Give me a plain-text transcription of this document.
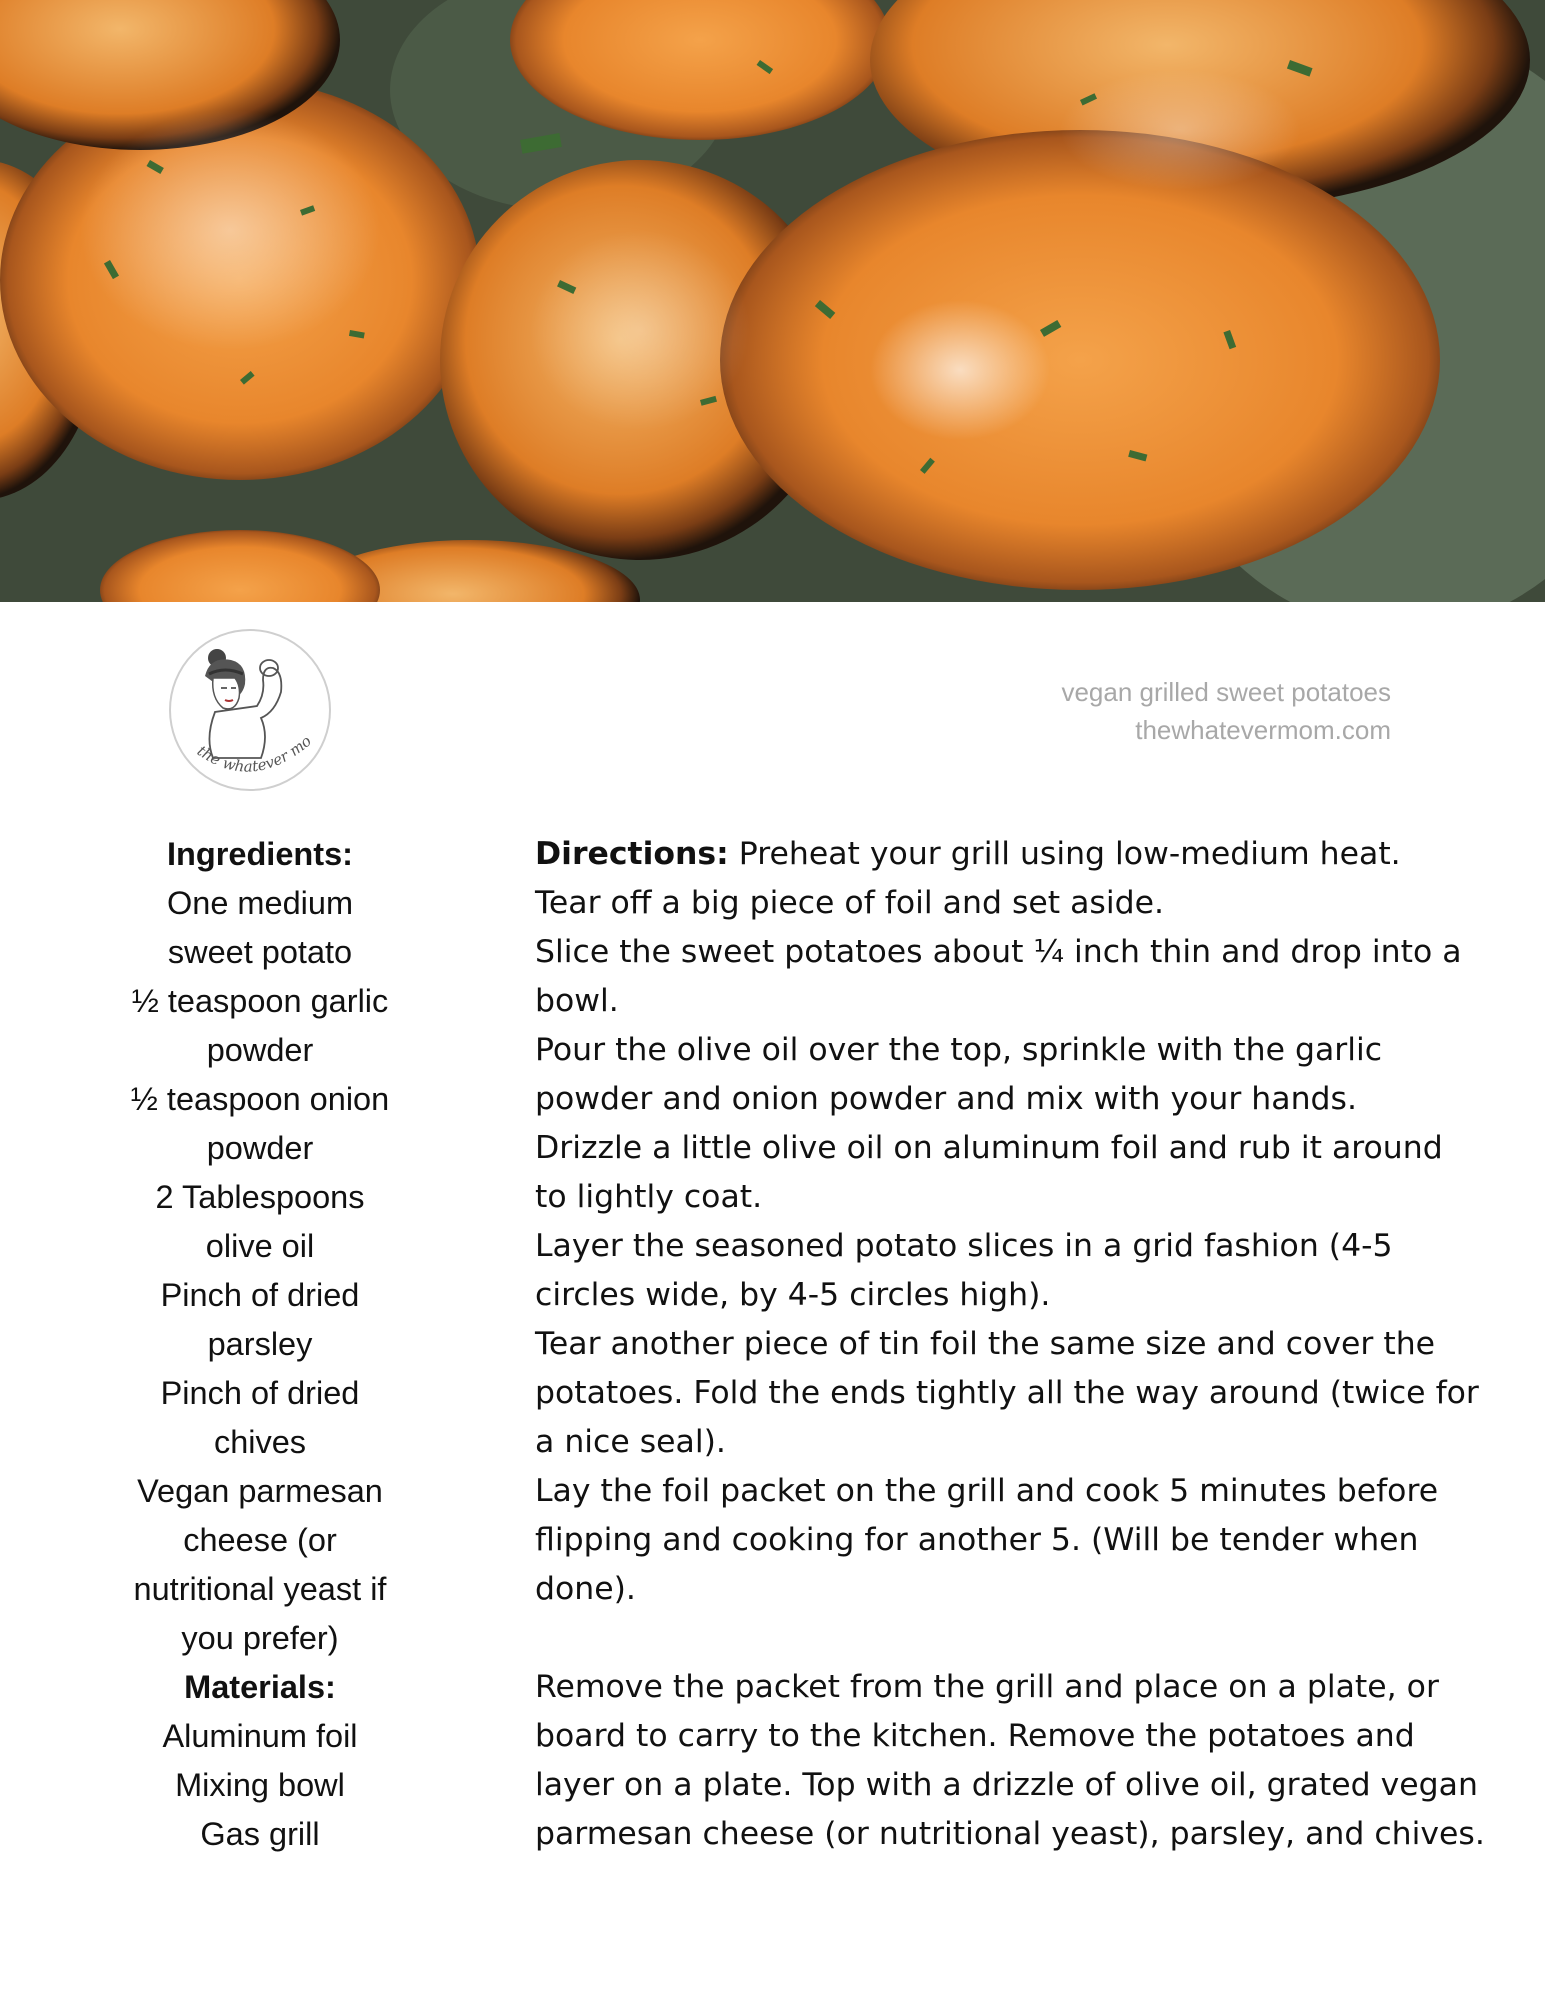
the whatever mo
vegan grilled sweet potatoes
thewhatevermom.com
Ingredients:
One medium
sweet potato
½ teaspoon garlic
powder
½ teaspoon onion
powder
2 Tablespoons
olive oil
Pinch of dried
parsley
Pinch of dried
chives
Vegan parmesan
cheese (or
nutritional yeast if
you prefer)
Materials:
Aluminum foil
Mixing bowl
Gas grill
Directions: Preheat your grill using low-medium heat.
Tear off a big piece of foil and set aside.
Slice the sweet potatoes about ¼ inch thin and drop into a
bowl.
Pour the olive oil over the top, sprinkle with the garlic
powder and onion powder and mix with your hands.
Drizzle a little olive oil on aluminum foil and rub it around
to lightly coat.
Layer the seasoned potato slices in a grid fashion (4-5
circles wide, by 4-5 circles high).
Tear another piece of tin foil the same size and cover the
potatoes. Fold the ends tightly all the way around (twice for
a nice seal).
Lay the foil packet on the grill and cook 5 minutes before
flipping and cooking for another 5. (Will be tender when
done).
Remove the packet from the grill and place on a plate, or
board to carry to the kitchen. Remove the potatoes and
layer on a plate. Top with a drizzle of olive oil, grated vegan
parmesan cheese (or nutritional yeast), parsley, and chives.
